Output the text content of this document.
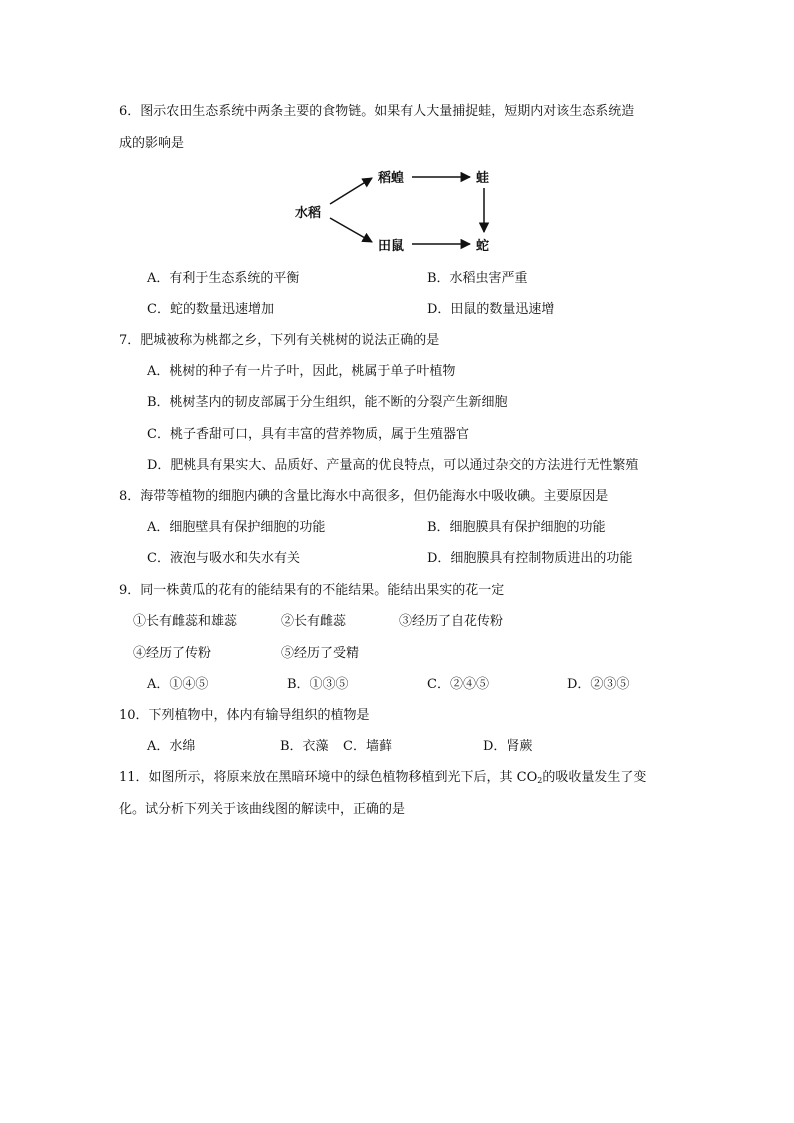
6．图示农田生态系统中两条主要的食物链。如果有人大量捕捉蛙，短期内对该生态系统造
成的影响是
水稻
稻蝗	蛙
田鼠	蛇
A．有利于生态系统的平衡	B．水稻虫害严重
C．蛇的数量迅速增加	D．田鼠的数量迅速增
7．肥城被称为桃都之乡，下列有关桃树的说法正确的是
A．桃树的种子有一片子叶，因此，桃属于单子叶植物
B．桃树茎内的韧皮部属于分生组织，能不断的分裂产生新细胞
C．桃子香甜可口，具有丰富的营养物质，属于生殖器官
D．肥桃具有果实大、品质好、产量高的优良特点，可以通过杂交的方法进行无性繁殖
8．海带等植物的细胞内碘的含量比海水中高很多，但仍能海水中吸收碘。主要原因是
A．细胞壁具有保护细胞的功能	B．细胞膜具有保护细胞的功能
C．液泡与吸水和失水有关	D．细胞膜具有控制物质进出的功能
9．同一株黄瓜的花有的能结果有的不能结果。能结出果实的花一定
①长有雌蕊和雄蕊	②长有雌蕊	③经历了自花传粉
④经历了传粉	⑤经历了受精
A．①④⑤	B．①③⑤	C．②④⑤	D．②③⑤
10．下列植物中，体内有输导组织的植物是
A．水绵	B．衣藻 C．墙藓	D．肾蕨
11．如图所示，将原来放在黑暗环境中的绿色植物移植到光下后，其 $CO_2$的吸收量发生了变
化。试分析下列关于该曲线图的解读中，正确的是
